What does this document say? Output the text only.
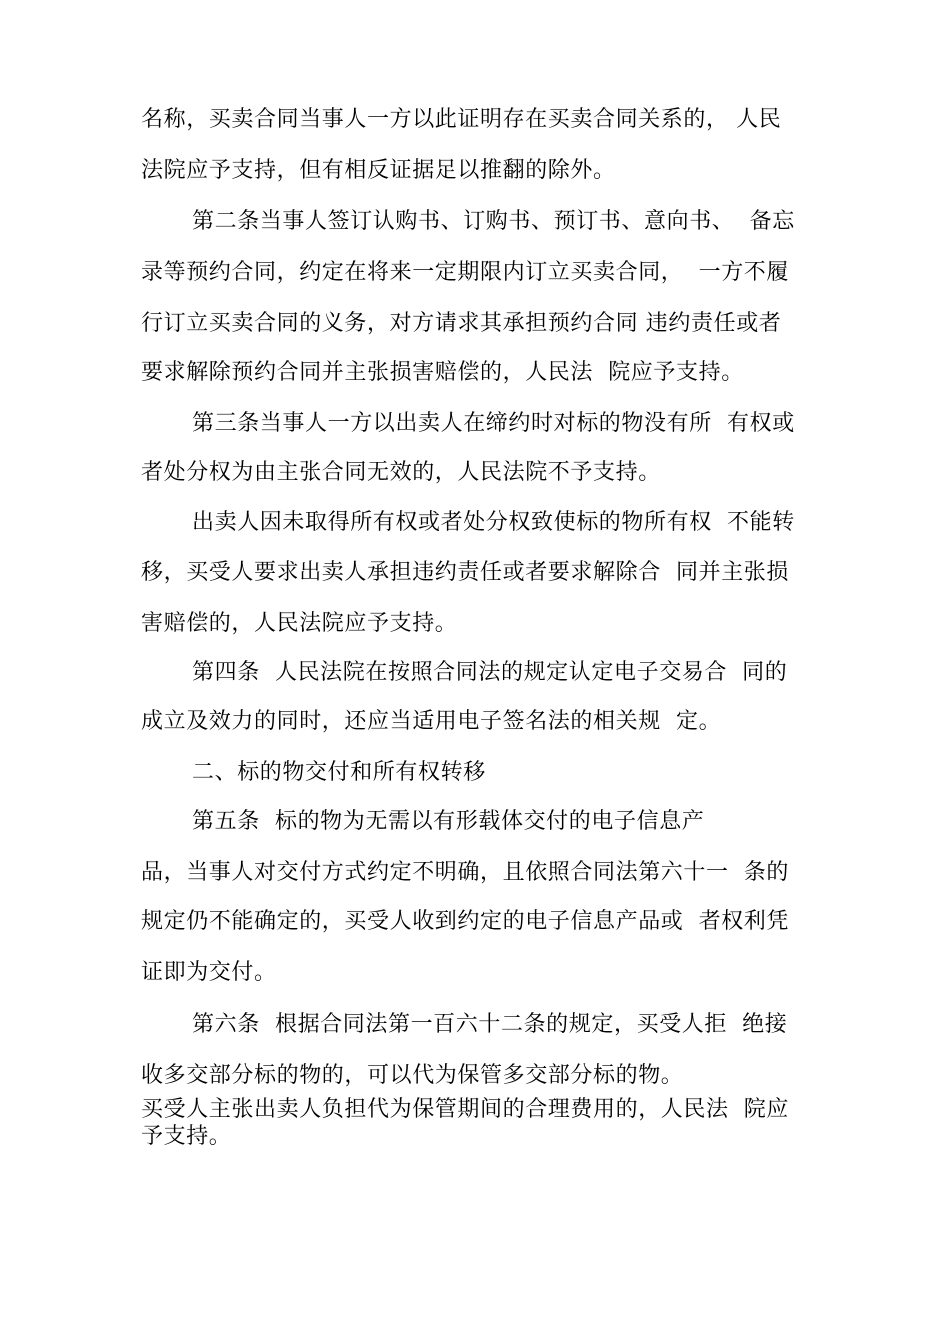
名称，买卖合同当事人一方以此证明存在买卖合同关系的， 人民
法院应予支持，但有相反证据足以推翻的除外。
第二条当事人签订认购书、订购书、预订书、意向书、  备忘
录等预约合同，约定在将来一定期限内订立买卖合同，  一方不履
行订立买卖合同的义务，对方请求其承担预约合同 违约责任或者
要求解除预约合同并主张损害赔偿的，人民法  院应予支持。
第三条当事人一方以出卖人在缔约时对标的物没有所  有权或
者处分权为由主张合同无效的，人民法院不予支持。
出卖人因未取得所有权或者处分权致使标的物所有权  不能转
移，买受人要求出卖人承担违约责任或者要求解除合  同并主张损
害赔偿的，人民法院应予支持。
第四条  人民法院在按照合同法的规定认定电子交易合  同的
成立及效力的同时，还应当适用电子签名法的相关规  定。
二、标的物交付和所有权转移
第五条  标的物为无需以有形载体交付的电子信息产
品，当事人对交付方式约定不明确，且依照合同法第六十一  条的
规定仍不能确定的，买受人收到约定的电子信息产品或  者权利凭
证即为交付。
第六条  根据合同法第一百六十二条的规定，买受人拒  绝接
收多交部分标的物的，可以代为保管多交部分标的物。
买受人主张出卖人负担代为保管期间的合理费用的，人民法  院应
予支持。
